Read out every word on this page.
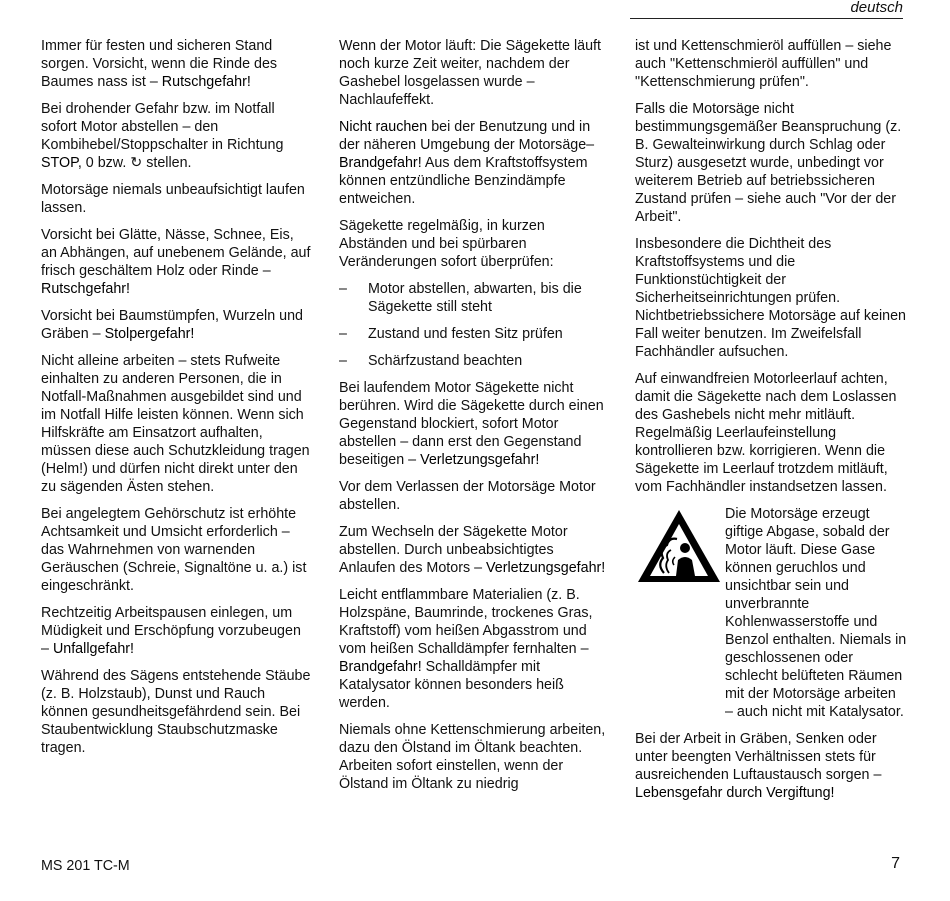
deutsch

Immer für festen und sicheren Stand sorgen. Vorsicht, wenn die Rinde des Baumes nass ist – Rutschgefahr!

Bei drohender Gefahr bzw. im Notfall sofort Motor abstellen – den Kombihebel/Stoppschalter in Richtung STOP, 0 bzw. ↻ stellen.

Motorsäge niemals unbeaufsichtigt laufen lassen.

Vorsicht bei Glätte, Nässe, Schnee, Eis, an Abhängen, auf unebenem Gelände, auf frisch geschältem Holz oder Rinde – Rutschgefahr!

Vorsicht bei Baumstümpfen, Wurzeln und Gräben – Stolpergefahr!

Nicht alleine arbeiten – stets Rufweite einhalten zu anderen Personen, die in Notfall-Maßnahmen ausgebildet sind und im Notfall Hilfe leisten können. Wenn sich Hilfskräfte am Einsatzort aufhalten, müssen diese auch Schutzkleidung tragen (Helm!) und dürfen nicht direkt unter den zu sägenden Ästen stehen.

Bei angelegtem Gehörschutz ist erhöhte Achtsamkeit und Umsicht erforderlich – das Wahrnehmen von warnenden Geräuschen (Schreie, Signaltöne u. a.) ist eingeschränkt.

Rechtzeitig Arbeitspausen einlegen, um Müdigkeit und Erschöpfung vorzubeugen – Unfallgefahr!

Während des Sägens entstehende Stäube (z. B. Holzstaub), Dunst und Rauch können gesundheitsgefährdend sein. Bei Staubentwicklung Staubschutzmaske tragen.

Wenn der Motor läuft: Die Sägekette läuft noch kurze Zeit weiter, nachdem der Gashebel losgelassen wurde – Nachlaufeffekt.

Nicht rauchen bei der Benutzung und in der näheren Umgebung der Motorsäge– Brandgefahr! Aus dem Kraftstoffsystem können entzündliche Benzindämpfe entweichen.

Sägekette regelmäßig, in kurzen Abständen und bei spürbaren Veränderungen sofort überprüfen:

–	Motor abstellen, abwarten, bis die Sägekette still steht
–	Zustand und festen Sitz prüfen
–	Schärfzustand beachten

Bei laufendem Motor Sägekette nicht berühren. Wird die Sägekette durch einen Gegenstand blockiert, sofort Motor abstellen – dann erst den Gegenstand beseitigen – Verletzungsgefahr!

Vor dem Verlassen der Motorsäge Motor abstellen.

Zum Wechseln der Sägekette Motor abstellen. Durch unbeabsichtigtes Anlaufen des Motors – Verletzungsgefahr!

Leicht entflammbare Materialien (z. B. Holzspäne, Baumrinde, trockenes Gras, Kraftstoff) vom heißen Abgasstrom und vom heißen Schalldämpfer fernhalten – Brandgefahr! Schalldämpfer mit Katalysator können besonders heiß werden.

Niemals ohne Kettenschmierung arbeiten, dazu den Ölstand im Öltank beachten. Arbeiten sofort einstellen, wenn der Ölstand im Öltank zu niedrig

ist und Kettenschmieröl auffüllen – siehe auch "Kettenschmieröl auffüllen" und "Kettenschmierung prüfen".

Falls die Motorsäge nicht bestimmungsgemäßer Beanspruchung (z. B. Gewalteinwirkung durch Schlag oder Sturz) ausgesetzt wurde, unbedingt vor weiterem Betrieb auf betriebssicheren Zustand prüfen – siehe auch "Vor der der Arbeit".

Insbesondere die Dichtheit des Kraftstoffsystems und die Funktionstüchtigkeit der Sicherheitseinrichtungen prüfen. Nichtbetriebssichere Motorsäge auf keinen Fall weiter benutzen. Im Zweifelsfall Fachhändler aufsuchen.

Auf einwandfreien Motorleerlauf achten, damit die Sägekette nach dem Loslassen des Gashebels nicht mehr mitläuft. Regelmäßig Leerlaufeinstellung kontrollieren bzw. korrigieren. Wenn die Sägekette im Leerlauf trotzdem mitläuft, vom Fachhändler instandsetzen lassen.

Die Motorsäge erzeugt giftige Abgase, sobald der Motor läuft. Diese Gase können geruchlos und unsichtbar sein und unverbrannte Kohlenwasserstoffe und Benzol enthalten. Niemals in geschlossenen oder schlecht belüfteten Räumen mit der Motorsäge arbeiten – auch nicht mit Katalysator.

Bei der Arbeit in Gräben, Senken oder unter beengten Verhältnissen stets für ausreichenden Luftaustausch sorgen – Lebensgefahr durch Vergiftung!

MS 201 TC-M	7
